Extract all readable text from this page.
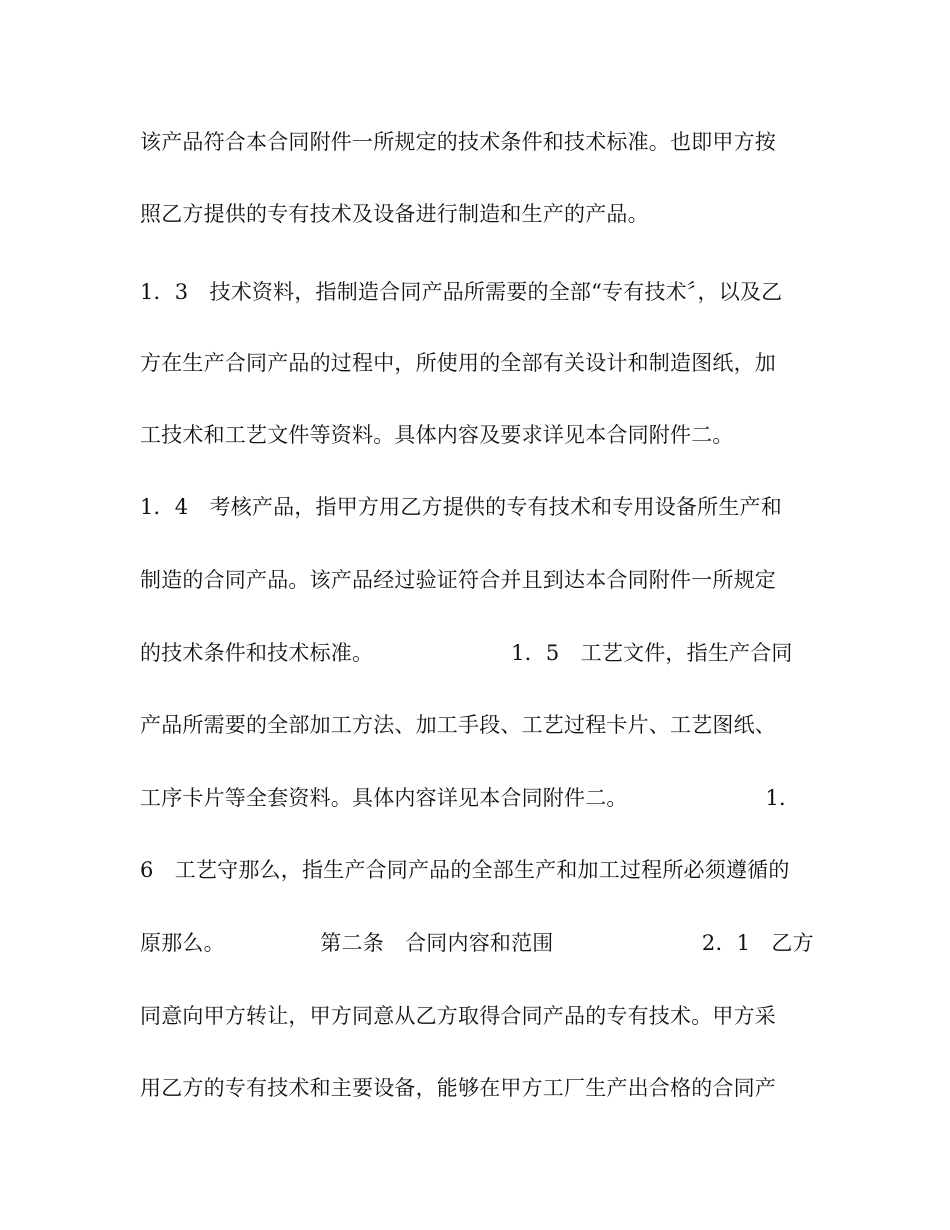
该产品符合本合同附件一所规定的技术条件和技术标准。也即甲方按
照乙方提供的专有技术及设备进行制造和生产的产品。
1．3　技术资料，指制造合同产品所需要的全部“专有技术〞，以及乙
方在生产合同产品的过程中，所使用的全部有关设计和制造图纸，加
工技术和工艺文件等资料。具体内容及要求详见本合同附件二。
1．4　考核产品，指甲方用乙方提供的专有技术和专用设备所生产和
制造的合同产品。该产品经过验证符合并且到达本合同附件一所规定
的技术条件和技术标准。　　　　　　　1．5　工艺文件，指生产合同
产品所需要的全部加工方法、加工手段、工艺过程卡片、工艺图纸、
工序卡片等全套资料。具体内容详见本合同附件二。　　　　　　　1．
6　工艺守那么，指生产合同产品的全部生产和加工过程所必须遵循的
原那么。　　　　　第二条　合同内容和范围　　　　　　　2．1　乙方
同意向甲方转让，甲方同意从乙方取得合同产品的专有技术。甲方采
用乙方的专有技术和主要设备，能够在甲方工厂生产出合格的合同产
